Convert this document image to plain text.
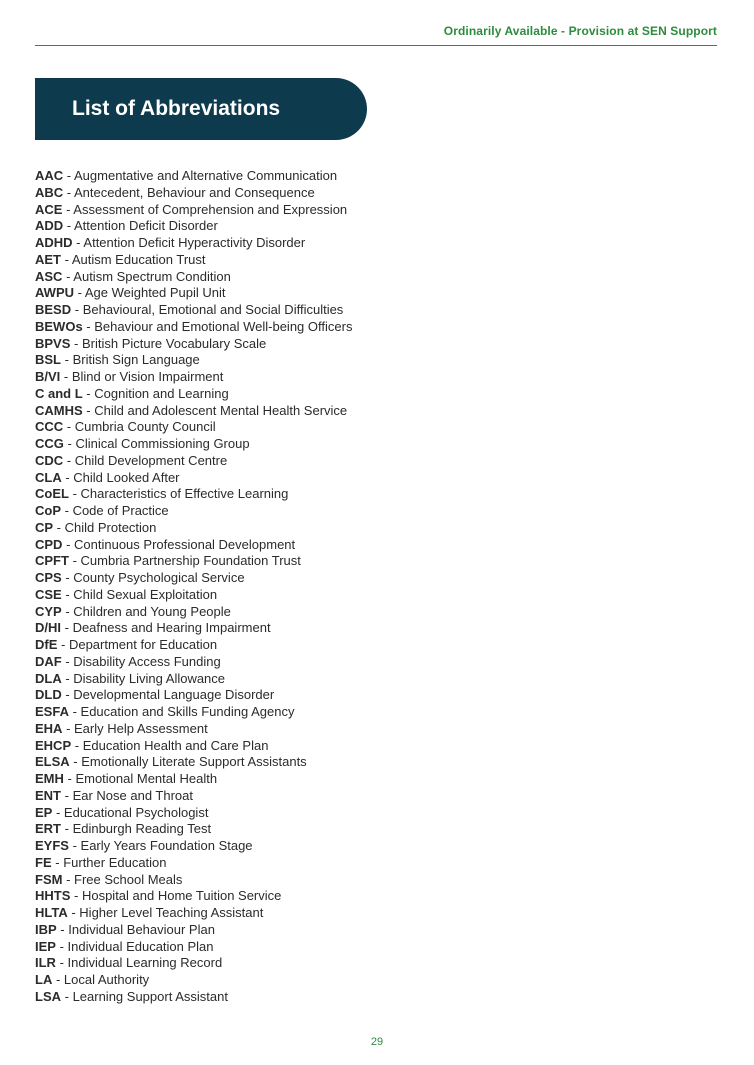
Ordinarily Available - Provision at SEN Support
List of Abbreviations
AAC - Augmentative and Alternative Communication
ABC - Antecedent, Behaviour and Consequence
ACE - Assessment of Comprehension and Expression
ADD - Attention Deficit Disorder
ADHD - Attention Deficit Hyperactivity Disorder
AET - Autism Education Trust
ASC - Autism Spectrum Condition
AWPU - Age Weighted Pupil Unit
BESD - Behavioural, Emotional and Social Difficulties
BEWOs - Behaviour and Emotional Well-being Officers
BPVS - British Picture Vocabulary Scale
BSL - British Sign Language
B/VI - Blind or Vision Impairment
C and L - Cognition and Learning
CAMHS - Child and Adolescent Mental Health Service
CCC - Cumbria County Council
CCG - Clinical Commissioning Group
CDC - Child Development Centre
CLA - Child Looked After
CoEL - Characteristics of Effective Learning
CoP - Code of Practice
CP - Child Protection
CPD - Continuous Professional Development
CPFT - Cumbria Partnership Foundation Trust
CPS - County Psychological Service
CSE - Child Sexual Exploitation
CYP - Children and Young People
D/HI - Deafness and Hearing Impairment
DfE - Department for Education
DAF - Disability Access Funding
DLA - Disability Living Allowance
DLD - Developmental Language Disorder
ESFA - Education and Skills Funding Agency
EHA - Early Help Assessment
EHCP - Education Health and Care Plan
ELSA - Emotionally Literate Support Assistants
EMH - Emotional Mental Health
ENT - Ear Nose and Throat
EP - Educational Psychologist
ERT - Edinburgh Reading Test
EYFS - Early Years Foundation Stage
FE - Further Education
FSM - Free School Meals
HHTS - Hospital and Home Tuition Service
HLTA - Higher Level Teaching Assistant
IBP - Individual Behaviour Plan
IEP - Individual Education Plan
ILR - Individual Learning Record
LA - Local Authority
LSA - Learning Support Assistant
29
